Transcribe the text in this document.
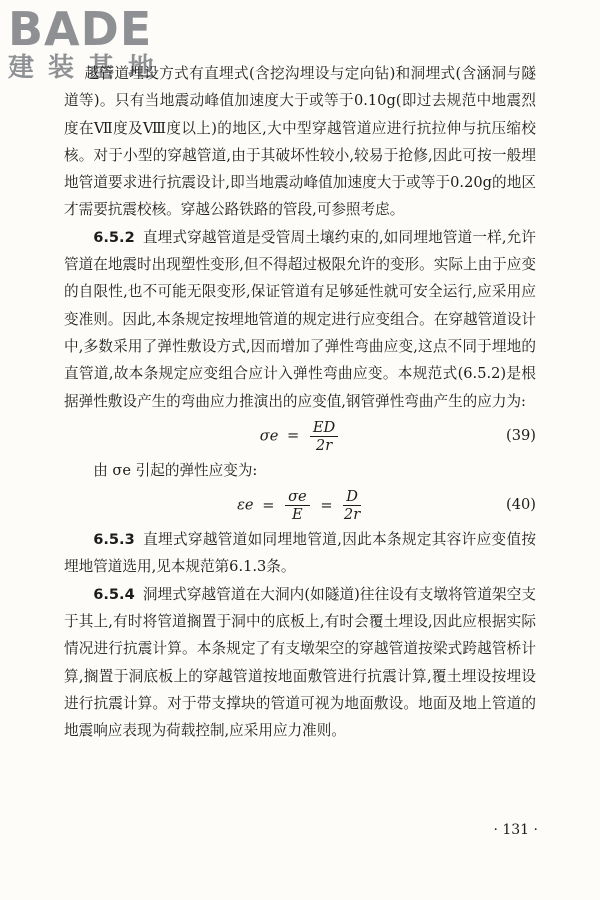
BADE
建装基地

越管道埋设方式有直埋式(含挖沟埋设与定向钻)和洞埋式(含涵洞与隧道等)。只有当地震动峰值加速度大于或等于0.10g(即过去规范中地震烈度在Ⅶ度及Ⅷ度以上)的地区,大中型穿越管道应进行抗拉伸与抗压缩校核。对于小型的穿越管道,由于其破坏性较小,较易于抢修,因此可按一般埋地管道要求进行抗震设计,即当地震动峰值加速度大于或等于0.20g的地区才需要抗震校核。穿越公路铁路的管段,可参照考虑。

6.5.2 直埋式穿越管道是受管周土壤约束的,如同埋地管道一样,允许管道在地震时出现塑性变形,但不得超过极限允许的变形。实际上由于应变的自限性,也不可能无限变形,保证管道有足够延性就可安全运行,应采用应变准则。因此,本条规定按埋地管道的规定进行应变组合。在穿越管道设计中,多数采用了弹性敷设方式,因而增加了弹性弯曲应变,这点不同于埋地的直管道,故本条规定应变组合应计入弹性弯曲应变。本规范式(6.5.2)是根据弹性敷设产生的弯曲应力推演出的应变值,钢管弹性弯曲产生的应力为:

$\sigma e = \frac{ED}{2r}$	(39)

由 σe 引起的弹性应变为:

$\varepsilon e = \frac{\sigma e}{E} = \frac{D}{2r}$	(40)

6.5.3 直埋式穿越管道如同埋地管道,因此本条规定其容许应变值按埋地管道选用,见本规范第6.1.3条。

6.5.4 洞埋式穿越管道在大洞内(如隧道)往往设有支墩将管道架空支于其上,有时将管道搁置于洞中的底板上,有时会覆土埋设,因此应根据实际情况进行抗震计算。本条规定了有支墩架空的穿越管道按梁式跨越管桥计算,搁置于洞底板上的穿越管道按地面敷管进行抗震计算,覆土埋设按埋设进行抗震计算。对于带支撑块的管道可视为地面敷设。地面及地上管道的地震响应表现为荷载控制,应采用应力准则。

· 131 ·
